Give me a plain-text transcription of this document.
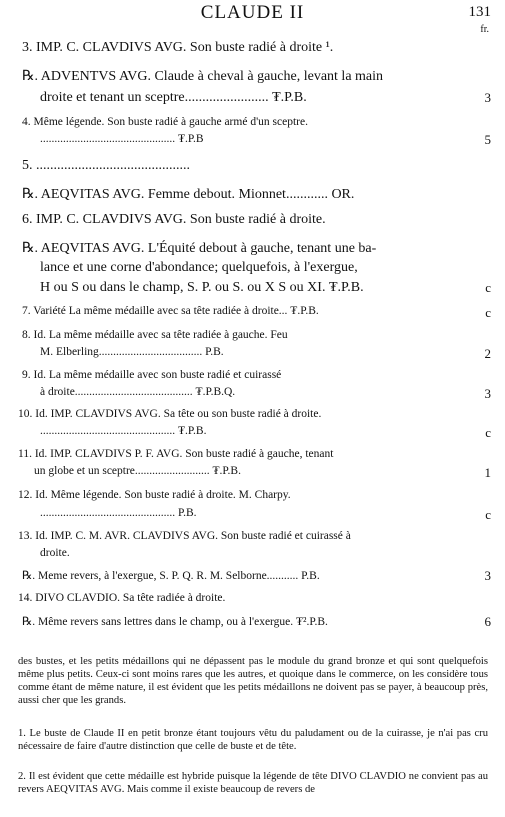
CLAUDE II	131
fr.
3. IMP. C. CLAVDIVS AVG. Son buste radié à droite ¹.
℞. ADVENTVS AVG. Claude à cheval à gauche, levant la main
droite et tenant un sceptre........................ ₮.P.B.	3
4. Même légende. Son buste radié à gauche armé d'un sceptre.
............................................... ₮.P.B	5
5. ............................................
℞. AEQVITAS AVG. Femme debout. Mionnet............ OR.
6. IMP. C. CLAVDIVS AVG. Son buste radié à droite.
℞. AEQVITAS AVG. L'Équité debout à gauche, tenant une ba-
lance et une corne d'abondance; quelquefois, à l'exergue,
H ou S ou dans le champ, S. P. ou S. ou X S ou XI. ₮.P.B.	c
7. Variété La même médaille avec sa tête radiée à droite... ₮.P.B.	c
8. Id. La même médaille avec sa tête radiée à gauche. Feu
M. Elberling.................................... P.B.	2
9. Id. La même médaille avec son buste radié et cuirassé
à droite......................................... ₮.P.B.Q.	3
10. Id. IMP. CLAVDIVS AVG. Sa tête ou son buste radié à droite.
............................................... ₮.P.B.	c
11. Id. IMP. CLAVDIVS P. F. AVG. Son buste radié à gauche, tenant
un globe et un sceptre.......................... ₮.P.B.	1
12. Id. Même légende. Son buste radié à droite. M. Charpy.
............................................... P.B.	c
13. Id. IMP. C. M. AVR. CLAVDIVS AVG. Son buste radié et cuirassé à
droite.
℞. Meme revers, à l'exergue, S. P. Q. R. M. Selborne........... P.B.	3
14. DIVO CLAVDIO. Sa tête radiée à droite.
℞. Même revers sans lettres dans le champ, ou à l'exergue. ₮².P.B.	6
des bustes, et les petits médaillons qui ne dépassent pas le module du grand bronze et qui sont quelquefois même plus petits. Ceux-ci sont moins rares que les autres, et quoique dans le commerce, on les considère tous comme étant de même nature, il est évident que les petits médaillons ne doivent pas se payer, à beaucoup près, aussi cher que les grands.
1. Le buste de Claude II en petit bronze étant toujours vêtu du paludament ou de la cuirasse, je n'ai pas cru nécessaire de faire d'autre distinction que celle de buste et de tête.
2. Il est évident que cette médaille est hybride puisque la légende de tête DIVO CLAVDIO ne convient pas au revers AEQVITAS AVG. Mais comme il existe beaucoup de revers de
